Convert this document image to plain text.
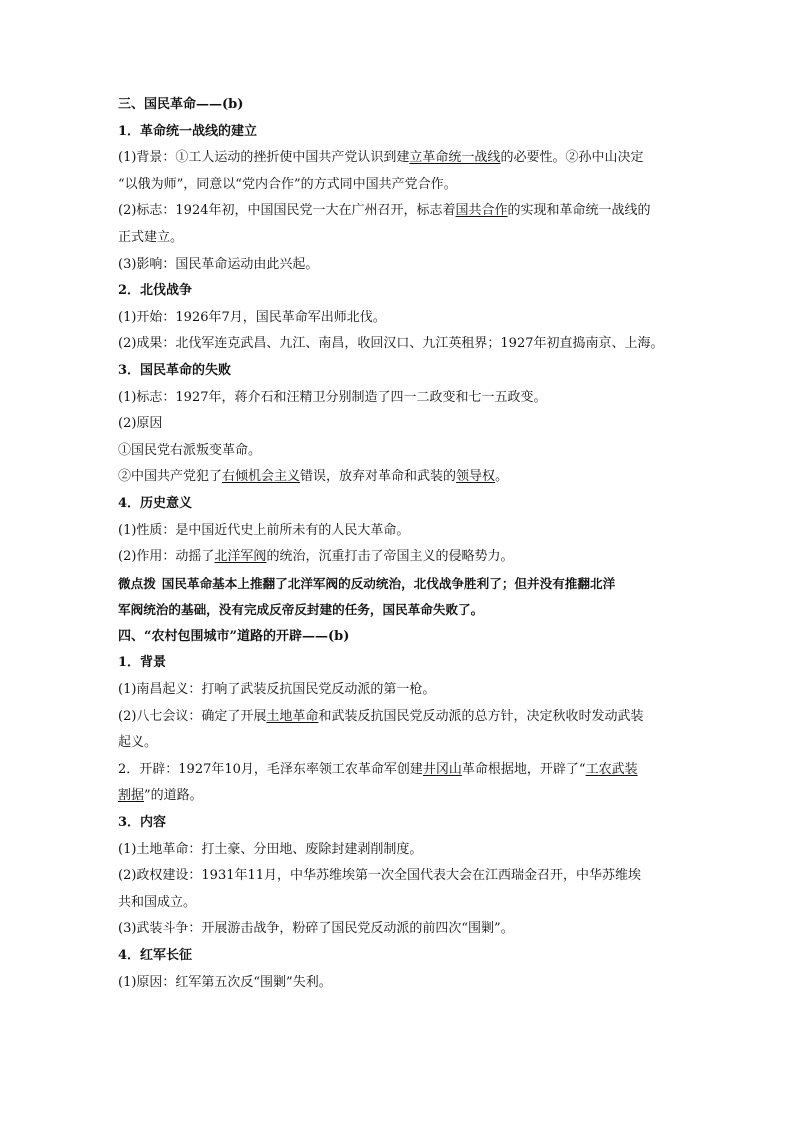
三、国民革命——(b)
1．革命统一战线的建立
(1)背景：①工人运动的挫折使中国共产党认识到建立革命统一战线的必要性。②孙中山决定
“以俄为师”，同意以“党内合作”的方式同中国共产党合作。
(2)标志：1924年初，中国国民党一大在广州召开，标志着国共合作的实现和革命统一战线的
正式建立。
(3)影响：国民革命运动由此兴起。
2．北伐战争
(1)开始：1926年7月，国民革命军出师北伐。
(2)成果：北伐军连克武昌、九江、南昌，收回汉口、九江英租界；1927年初直捣南京、上海。
3．国民革命的失败
(1)标志：1927年，蒋介石和汪精卫分别制造了四一二政变和七一五政变。
(2)原因
①国民党右派叛变革命。
②中国共产党犯了右倾机会主义错误，放弃对革命和武装的领导权。
4．历史意义
(1)性质：是中国近代史上前所未有的人民大革命。
(2)作用：动摇了北洋军阀的统治，沉重打击了帝国主义的侵略势力。
微点拨 国民革命基本上推翻了北洋军阀的反动统治，北伐战争胜利了；但并没有推翻北洋
军阀统治的基础，没有完成反帝反封建的任务，国民革命失败了。
四、“农村包围城市”道路的开辟——(b)
1．背景
(1)南昌起义：打响了武装反抗国民党反动派的第一枪。
(2)八七会议：确定了开展土地革命和武装反抗国民党反动派的总方针，决定秋收时发动武装
起义。
2．开辟：1927年10月，毛泽东率领工农革命军创建井冈山革命根据地，开辟了“工农武装
割据”的道路。
3．内容
(1)土地革命：打土豪、分田地、废除封建剥削制度。
(2)政权建设：1931年11月，中华苏维埃第一次全国代表大会在江西瑞金召开，中华苏维埃
共和国成立。
(3)武装斗争：开展游击战争，粉碎了国民党反动派的前四次“围剿”。
4．红军长征
(1)原因：红军第五次反“围剿”失利。
